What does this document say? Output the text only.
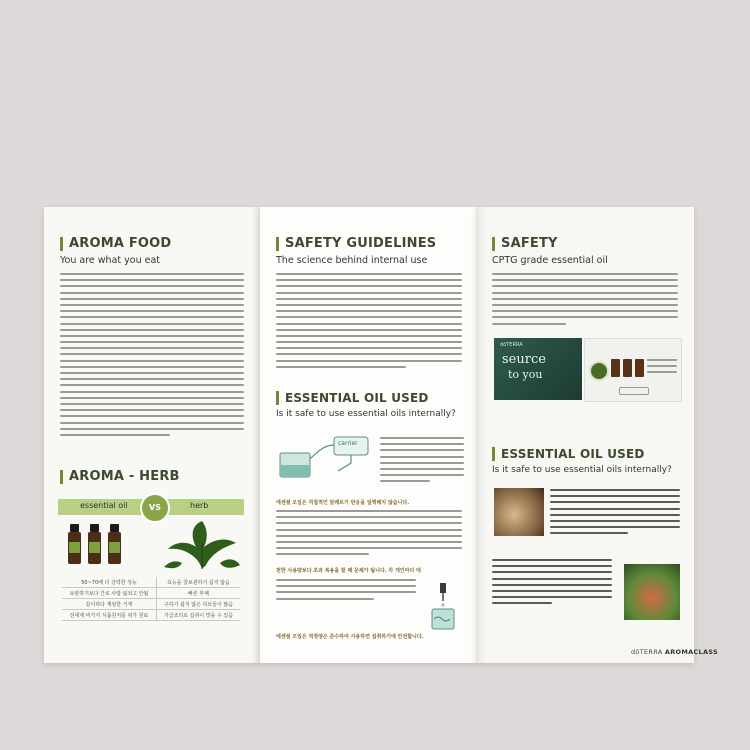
AROMA FOOD
You are what you eat
AROMA - HERB
essential oil	herb
VS
50~70배 더 강력한 성능	효능을 끌보관하기 쉽지 않음
보관하기보다 간로 사람 잃되고 안됨	빠른 부패
같이하다 계엄한 거게	구하기 쉽지 않은 허브들이 많음
전세계 비가지 식품원저를 위가 원료	가급조리로 섭취이 맛을 수 있음
SAFETY GUIDELINES
The science behind internal use
ESSENTIAL OIL USED
Is it safe to use essential oils internally?
carrier
에센셜 오일은 직접적인 알레르기 반응을 일찍해지 않습니다.
천한 사용량보다 초과 복용을 할 때 문제가 됩니다. 각 개인마다 대
에센셜 오일은 적정양은 준수하여 사용하면 섭취하기에 안전합니다.
SAFETY
CPTG grade essential oil
dōTERRA
seurce
to you
ESSENTIAL OIL USED
Is it safe to use essential oils internally?
dōTERRA AROMACLASS
